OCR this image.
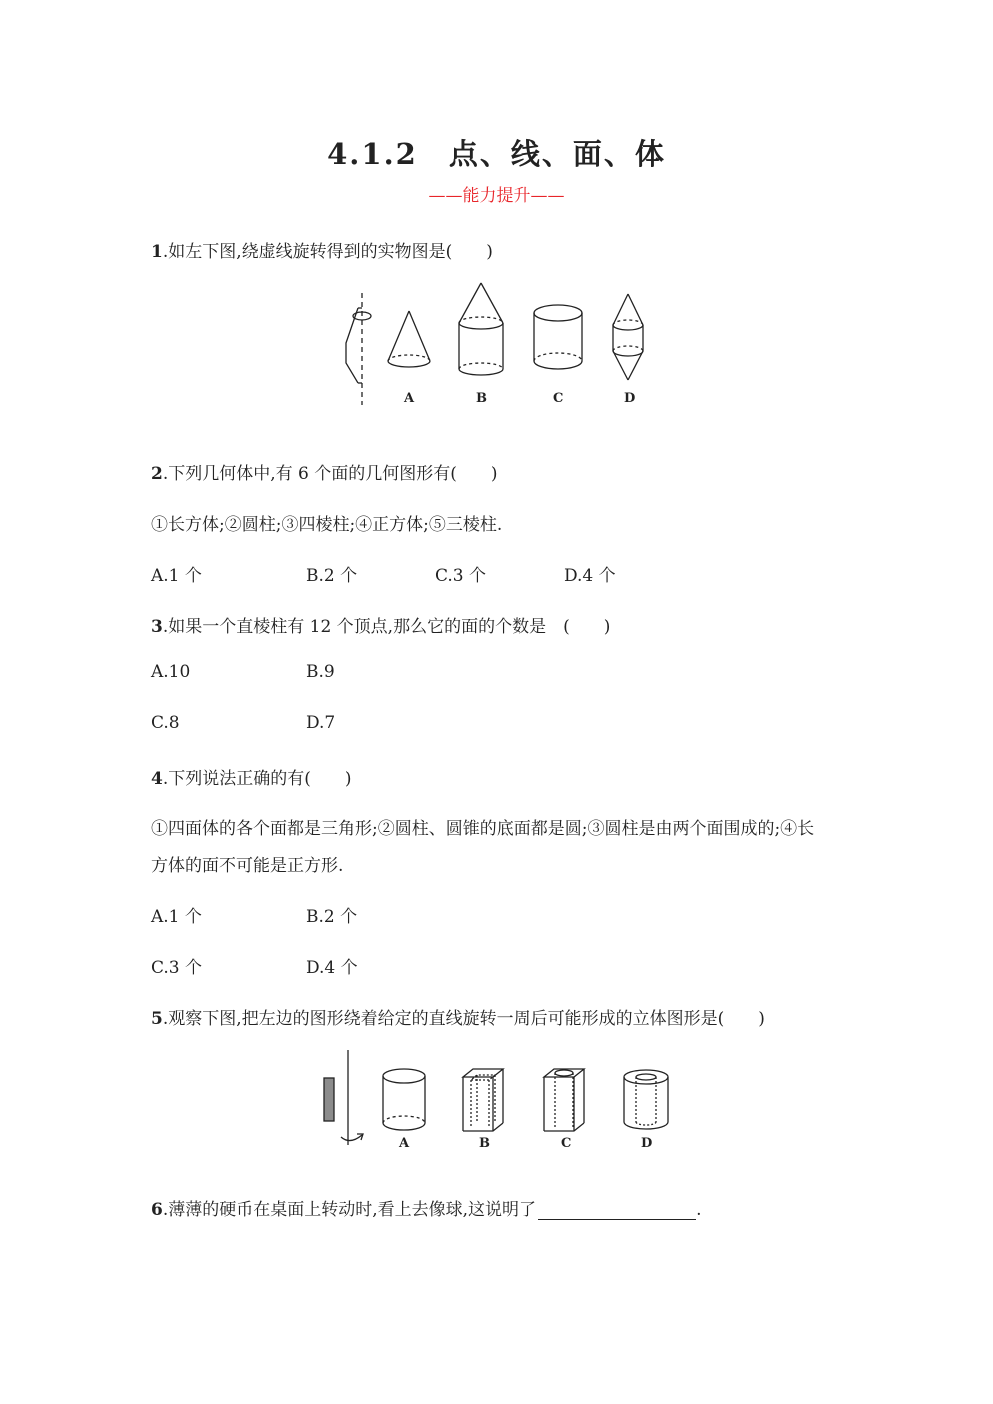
4.1.2　点、线、面、体
——能力提升——
1.如左下图,绕虚线旋转得到的实物图是(　　)
A	B	C	D
2.下列几何体中,有 6 个面的几何图形有(　　)
①长方体;②圆柱;③四棱柱;④正方体;⑤三棱柱.
A.1 个	B.2 个	C.3 个	D.4 个
3.如果一个直棱柱有 12 个顶点,那么它的面的个数是　(　　)
A.10	B.9
C.8	D.7
4.下列说法正确的有(　　)
①四面体的各个面都是三角形;②圆柱、圆锥的底面都是圆;③圆柱是由两个面围成的;④长
方体的面不可能是正方形.
A.1 个	B.2 个
C.3 个	D.4 个
5.观察下图,把左边的图形绕着给定的直线旋转一周后可能形成的立体图形是(　　)
A	B	C	D
6.薄薄的硬币在桌面上转动时,看上去像球,这说明了	.
